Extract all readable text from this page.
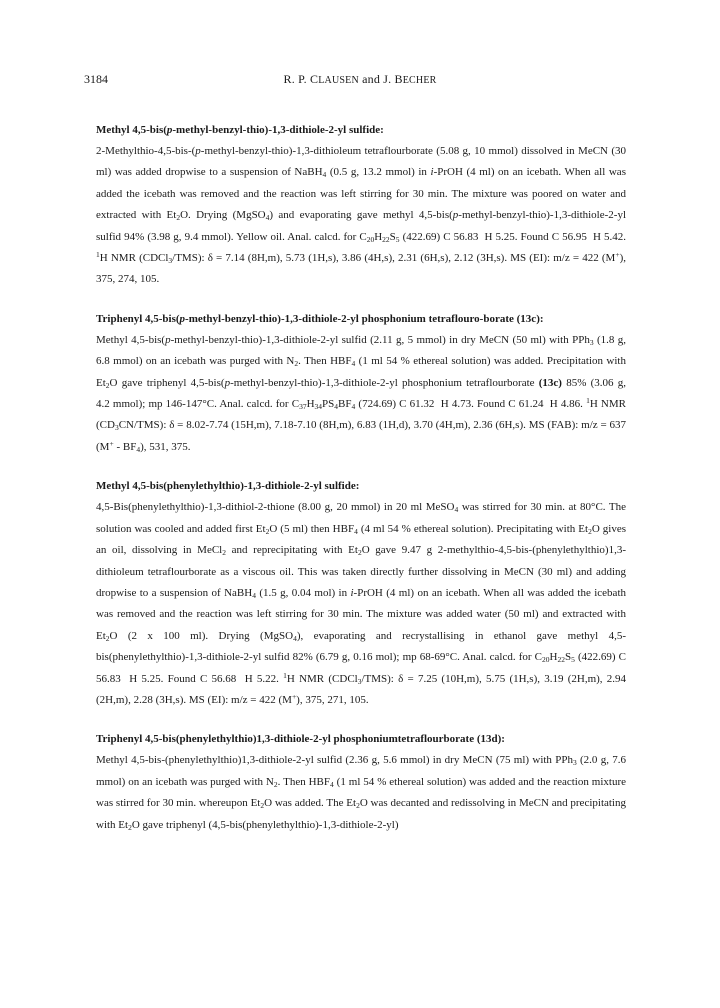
3184	R. P. CLAUSEN and J. BECHER
Methyl 4,5-bis(p-methyl-benzyl-thio)-1,3-dithiole-2-yl sulfide:

2-Methylthio-4,5-bis-(p-methyl-benzyl-thio)-1,3-dithioleum tetraflourborate (5.08 g, 10 mmol) dissolved in MeCN (30 ml) was added dropwise to a suspension of NaBH$_4$ (0.5 g, 13.2 mmol) in i-PrOH (4 ml) on an icebath. When all was added the icebath was removed and the reaction was left stirring for 30 min. The mixture was poored on water and extracted with $Et_2O$. Drying (MgSO$_4$) and evaporating gave methyl 4,5-bis(p-methyl-benzyl-thio)-1,3-dithiole-2-yl sulfid 94% (3.98 g, 9.4 mmol). Yellow oil. Anal. calcd. for $C_{20}H_{22}S_5$ (422.69) C 56.83  H 5.25. Found C 56.95  H 5.42. $^1$H NMR (CDCl$_3$/TMS): δ = 7.14 (8H,m), 5.73 (1H,s), 3.86 (4H,s), 2.31 (6H,s), 2.12 (3H,s). MS (EI): m/z = 422 (M+), 375, 274, 105.

Triphenyl 4,5-bis(p-methyl-benzyl-thio)-1,3-dithiole-2-yl phosphonium tetraflouro-borate (13c):

Methyl 4,5-bis(p-methyl-benzyl-thio)-1,3-dithiole-2-yl sulfid (2.11 g, 5 mmol) in dry MeCN (50 ml) with PPh$_3$ (1.8 g, 6.8 mmol) on an icebath was purged with $N_2$. Then $HBF_4$ (1 ml 54 % ethereal solution) was added. Precipitation with $Et_2O$ gave triphenyl 4,5-bis(p-methyl-benzyl-thio)-1,3-dithiole-2-yl phosphonium tetraflourborate (13c) 85% (3.06 g, 4.2 mmol); mp 146-147°C. Anal. calcd. for $C_{37}H_{34}PS_4BF_4$ (724.69) C 61.32  H 4.73. Found C 61.24  H 4.86. $^1$H NMR $(CD_3CN/TMS)$: δ = 8.02-7.74 (15H,m), 7.18-7.10 (8H,m), 6.83 (1H,d), 3.70 (4H,m), 2.36 (6H,s). MS (FAB): m/z = 637 $(M^+ - BF_4)$, 531, 375.

Methyl 4,5-bis(phenylethylthio)-1,3-dithiole-2-yl sulfide:

4,5-Bis(phenylethylthio)-1,3-dithiol-2-thione (8.00 g, 20 mmol) in 20 ml MeSO$_4$ was stirred for 30 min. at 80°C. The solution was cooled and added first $Et_2O$ (5 ml) then $HBF_4$ (4 ml 54 % ethereal solution). Precipitating with $Et_2O$ gives an oil, dissolving in MeCl$_2$ and reprecipitating with $Et_2O$ gave 9.47 g 2-methylthio-4,5-bis-(phenylethylthio)1,3-dithioleum tetraflourborate as a viscous oil. This was taken directly further dissolving in MeCN (30 ml) and adding dropwise to a suspension of NaBH$_4$ (1.5 g, 0.04 mol) in i-PrOH (4 ml) on an icebath. When all was added the icebath was removed and the reaction was left stirring for 30 min. The mixture was added water (50 ml) and extracted with $Et_2O$ (2 x 100 ml). Drying (MgSO$_4$), evaporating and recrystallising in ethanol gave methyl 4,5-bis(phenylethylthio)-1,3-dithiole-2-yl sulfid 82% (6.79 g, 0.16 mol); mp 68-69°C. Anal. calcd. for $C_{20}H_{22}S_5$ (422.69) C 56.83  H 5.25. Found C 56.68  H 5.22. $^1$H NMR (CDCl$_3$/TMS): δ = 7.25 (10H,m), 5.75 (1H,s), 3.19 (2H,m), 2.94 (2H,m), 2.28 (3H,s). MS (EI): m/z = 422 (M+), 375, 271, 105.

Triphenyl 4,5-bis(phenylethylthio)1,3-dithiole-2-yl phosphoniumtetraflourborate (13d):

Methyl 4,5-bis-(phenylethylthio)1,3-dithiole-2-yl sulfid (2.36 g, 5.6 mmol) in dry MeCN (75 ml) with PPh$_3$ (2.0 g, 7.6 mmol) on an icebath was purged with $N_2$. Then $HBF_4$ (1 ml 54 % ethereal solution) was added and the reaction mixture was stirred for 30 min. whereupon $Et_2O$ was added. The $Et_2O$ was decanted and redissolving in MeCN and precipitating with $Et_2O$ gave triphenyl (4,5-bis(phenylethylthio)-1,3-dithiole-2-yl)
